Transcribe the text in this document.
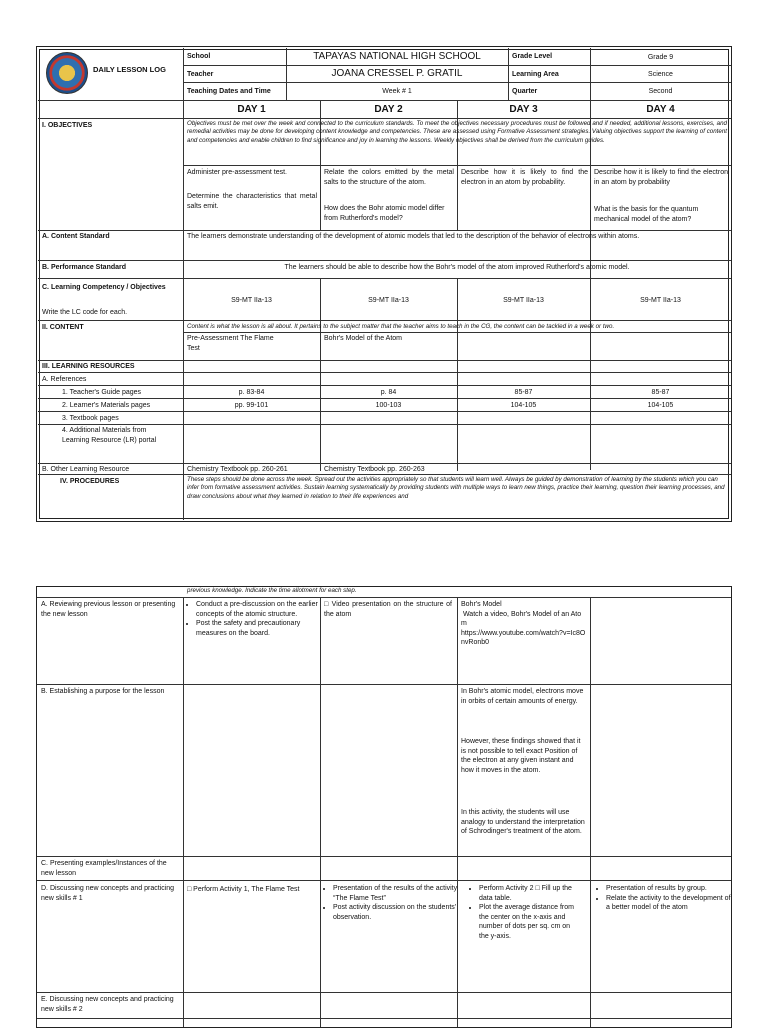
DAILY LESSON LOG
School	TAPAYAS NATIONAL HIGH SCHOOL	Grade Level	Grade 9
Teacher	JOANA CRESSEL P. GRATIL	Learning Area	Science
Teaching Dates and Time	Week # 1	Quarter	Second
DAY 1	DAY 2	DAY 3	DAY 4
I. OBJECTIVES	Objectives must be met over the week and connected to the curriculum standards. To meet the objectives necessary procedures must be followed and if needed, additional lessons, exercises, and remedial activities may be done for developing content knowledge and competencies. These are assessed using Formative Assessment strategies. Valuing objectives support the learning of content and competencies and enable children to find significance and joy in learning the lessons. Weekly objectives shall be derived from the curriculum guides.
Administer pre-assessment test.
Determine the characteristics that metal salts emit.
Relate the colors emitted by the metal salts to the structure of the atom.
How does the Bohr atomic model differ from Rutherford's model?
Describe how it is likely to find the electron in an atom by probability.
Describe how it is likely to find the electron in an atom by probability
What is the basis for the quantum mechanical model of the atom?
A. Content Standard	The learners demonstrate understanding of the development of atomic models that led to the description of the behavior of electrons within atoms.
B. Performance Standard	The learners should be able to describe how the Bohr's model of the atom improved Rutherford's atomic model.
C. Learning Competency / Objectives
Write the LC code for each.
S9-MT IIa-13	S9-MT IIa-13	S9-MT IIa-13	S9-MT IIa-13
II. CONTENT	Content is what the lesson is all about. It pertains to the subject matter that the teacher aims to teach in the CG, the content can be tackled in a week or two.
Pre-Assessment The Flame Test
Bohr's Model of the Atom
III. LEARNING RESOURCES
A. References
1. Teacher's Guide pages	p. 83-84	p. 84	85-87	85-87
2. Learner's Materials pages	pp. 99-101	100-103	104-105	104-105
3. Textbook pages
4. Additional Materials from Learning Resource (LR) portal
B. Other Learning Resource	Chemistry Textbook pp. 260-261	Chemistry Textbook pp. 260-263
IV. PROCEDURES	These steps should be done across the week. Spread out the activities appropriately so that students will learn well. Always be guided by demonstration of learning by the students which you can infer from formative assessment activities. Sustain learning systematically by providing students with multiple ways to learn new things, practice their learning, question their learning processes, and draw conclusions about what they learned in relation to their life experiences and
previous knowledge. Indicate the time allotment for each step.
A. Reviewing previous lesson or presenting the new lesson
• Conduct a pre-discussion on the earlier concepts of the atomic structure.
• Post the safety and precautionary measures on the board.
□ Video presentation on the structure of the atom
Bohr's Model
Watch a video, Bohr's Model of an Atom
https://www.youtube.com/watch?v=Ic8OnvRonb0
B. Establishing a purpose for the lesson	In Bohr's atomic model, electrons move in orbits of certain amounts of energy.
However, these findings showed that it is not possible to tell exact Position of the electron at any given instant and how it moves in the atom.
In this activity, the students will use analogy to understand the interpretation of Schrodinger's treatment of the atom.
C. Presenting examples/Instances of the new lesson
D. Discussing new concepts and practicing new skills # 1
□ Perform Activity 1, The Flame Test
•	Presentation of the results of the activity “The Flame Test”
• Post activity discussion on the students' observation.
• Perform Activity 2 □ Fill up the data table.
• Plot the average distance from the center on the x-axis and number of dots per sq. cm on the y-axis.
• Presentation of results by group.
• Relate the activity to the development of a better model of the atom
E. Discussing new concepts and practicing new skills # 2
